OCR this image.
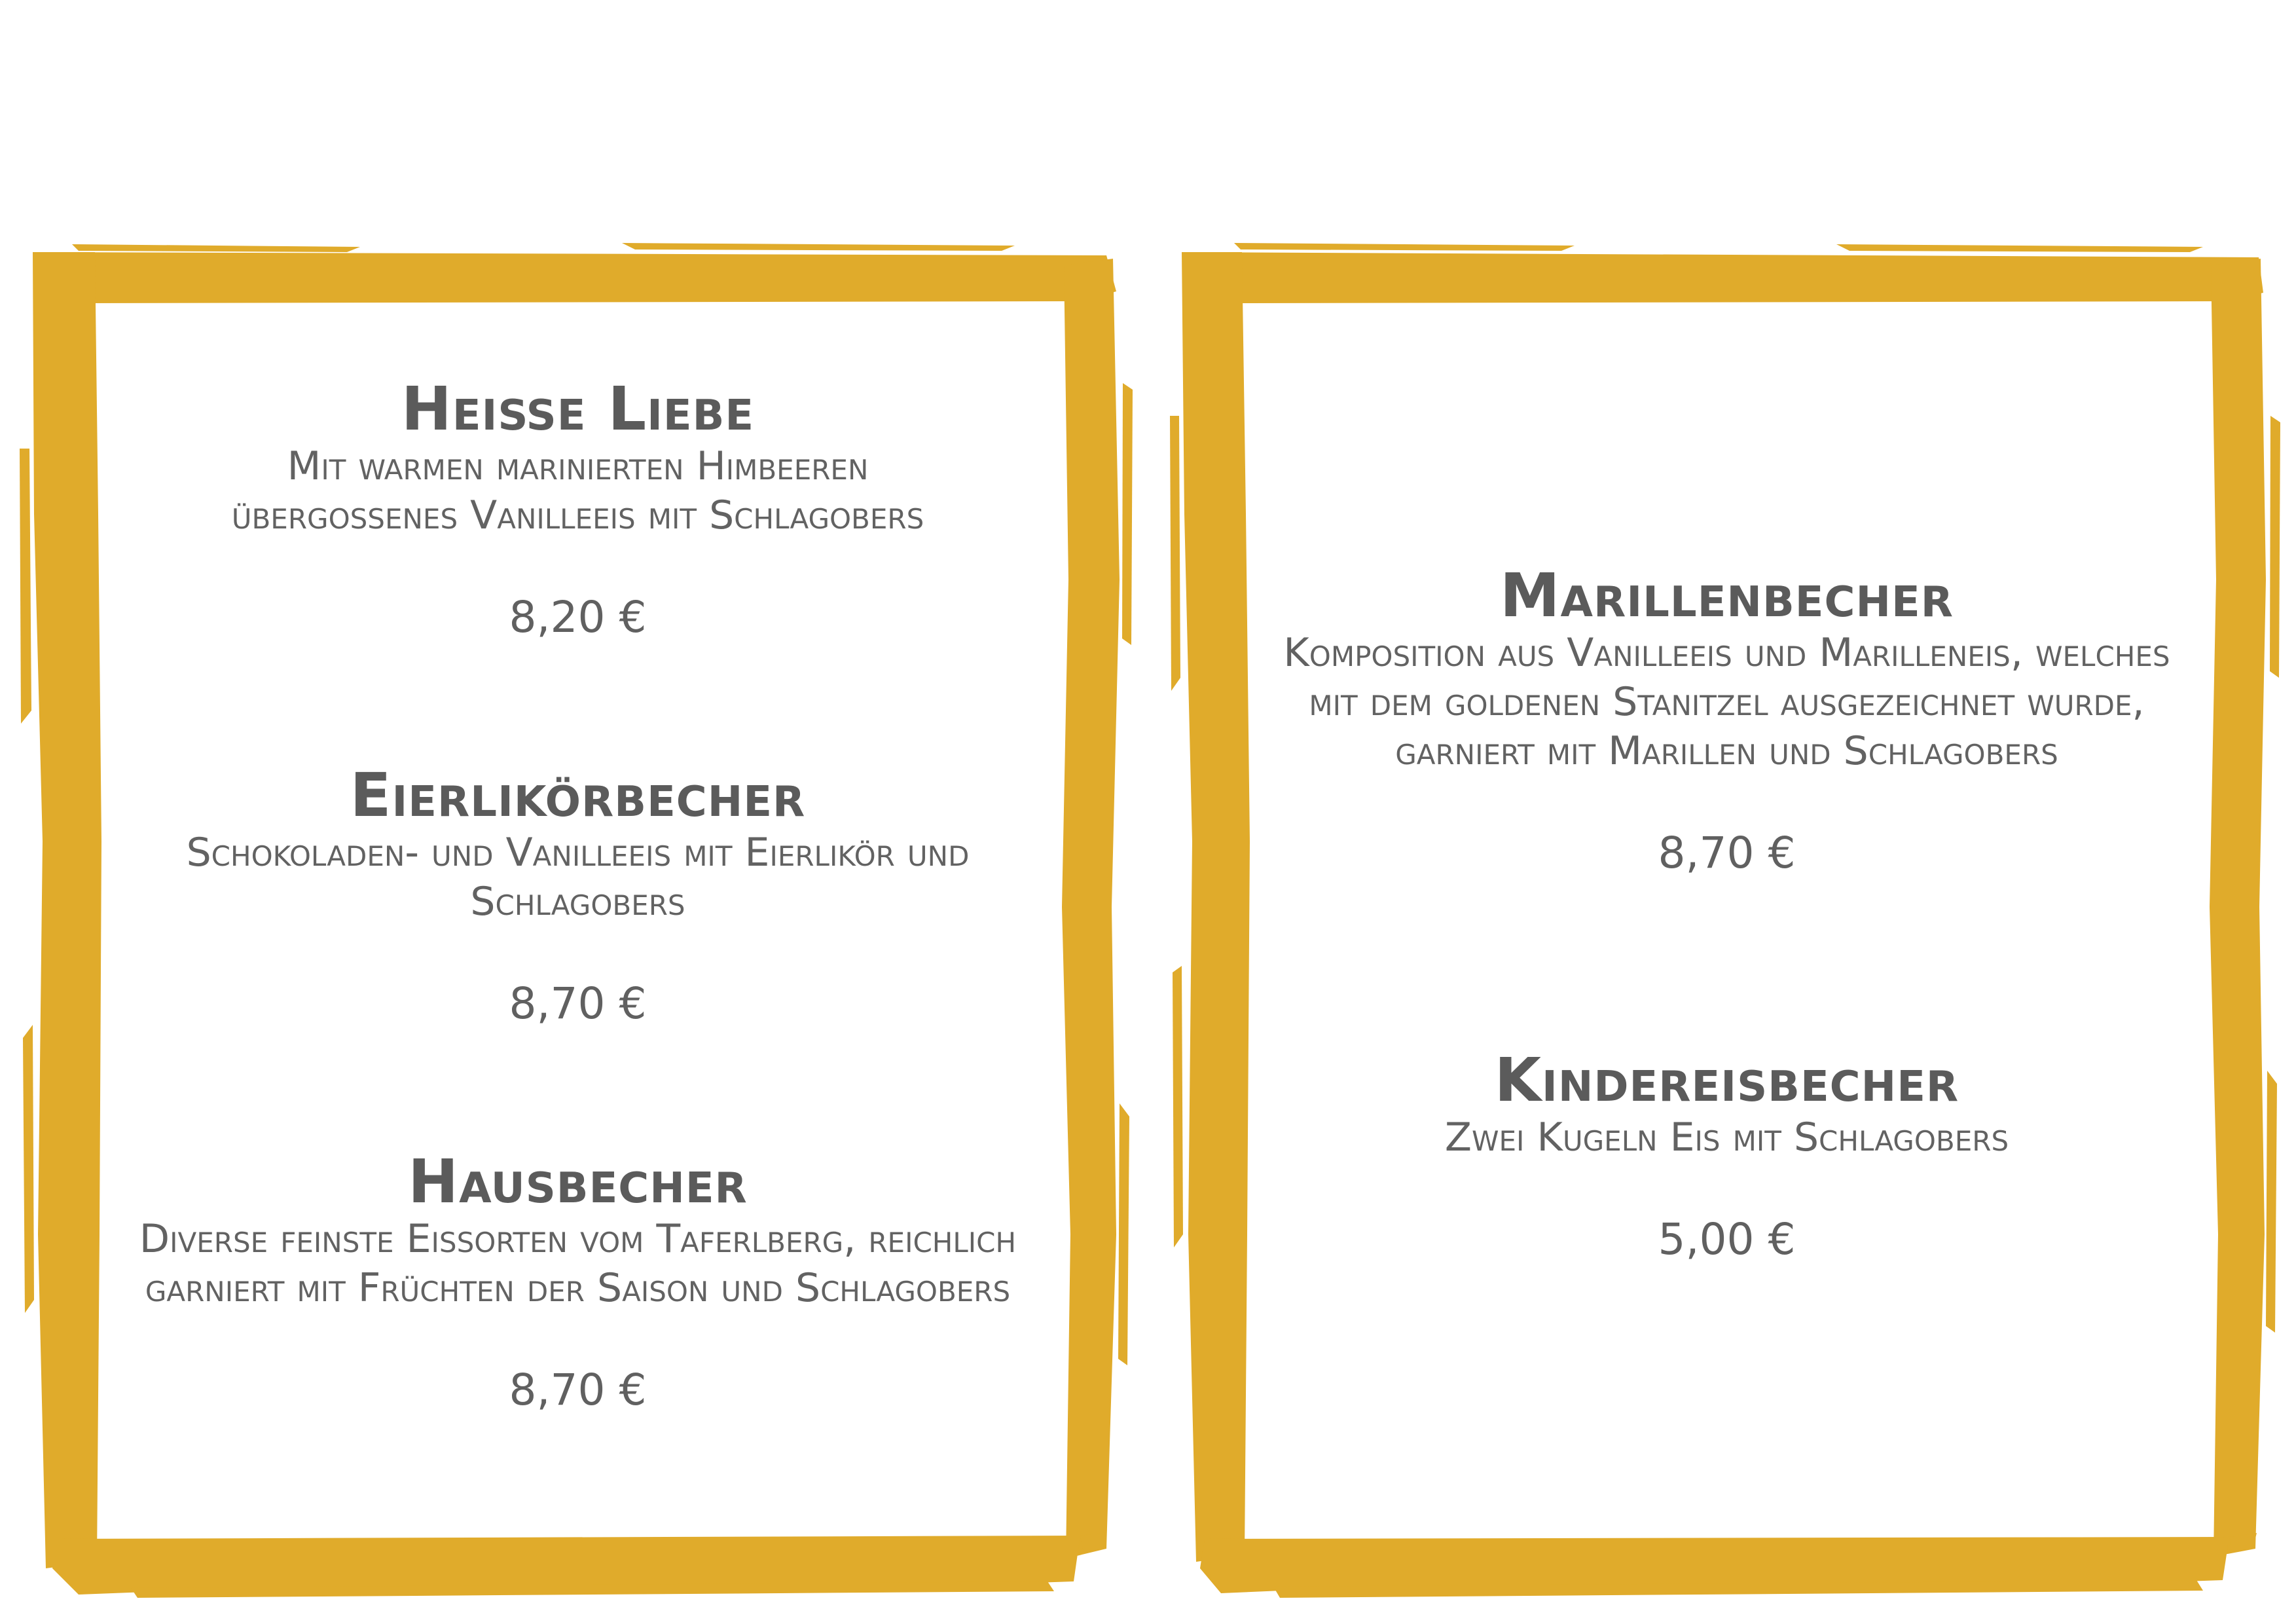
Heiße Liebe
Mit warmen marinierten Himbeeren übergossenes Vanilleeis mit Schlagobers
8,20 €
Eierlikörbecher
Schokoladen- und Vanilleeis mit Eierlikör und Schlagobers
8,70 €
Hausbecher
Diverse feinste Eissorten vom Taferlberg, reichlich garniert mit Früchten der Saison und Schlagobers
8,70 €
Marillenbecher
Komposition aus Vanilleeis und Marilleneis, welches mit dem goldenen Stanitzel ausgezeichnet wurde, garniert mit Marillen und Schlagobers
8,70 €
Kindereisbecher
Zwei Kugeln Eis mit Schlagobers
5,00 €
